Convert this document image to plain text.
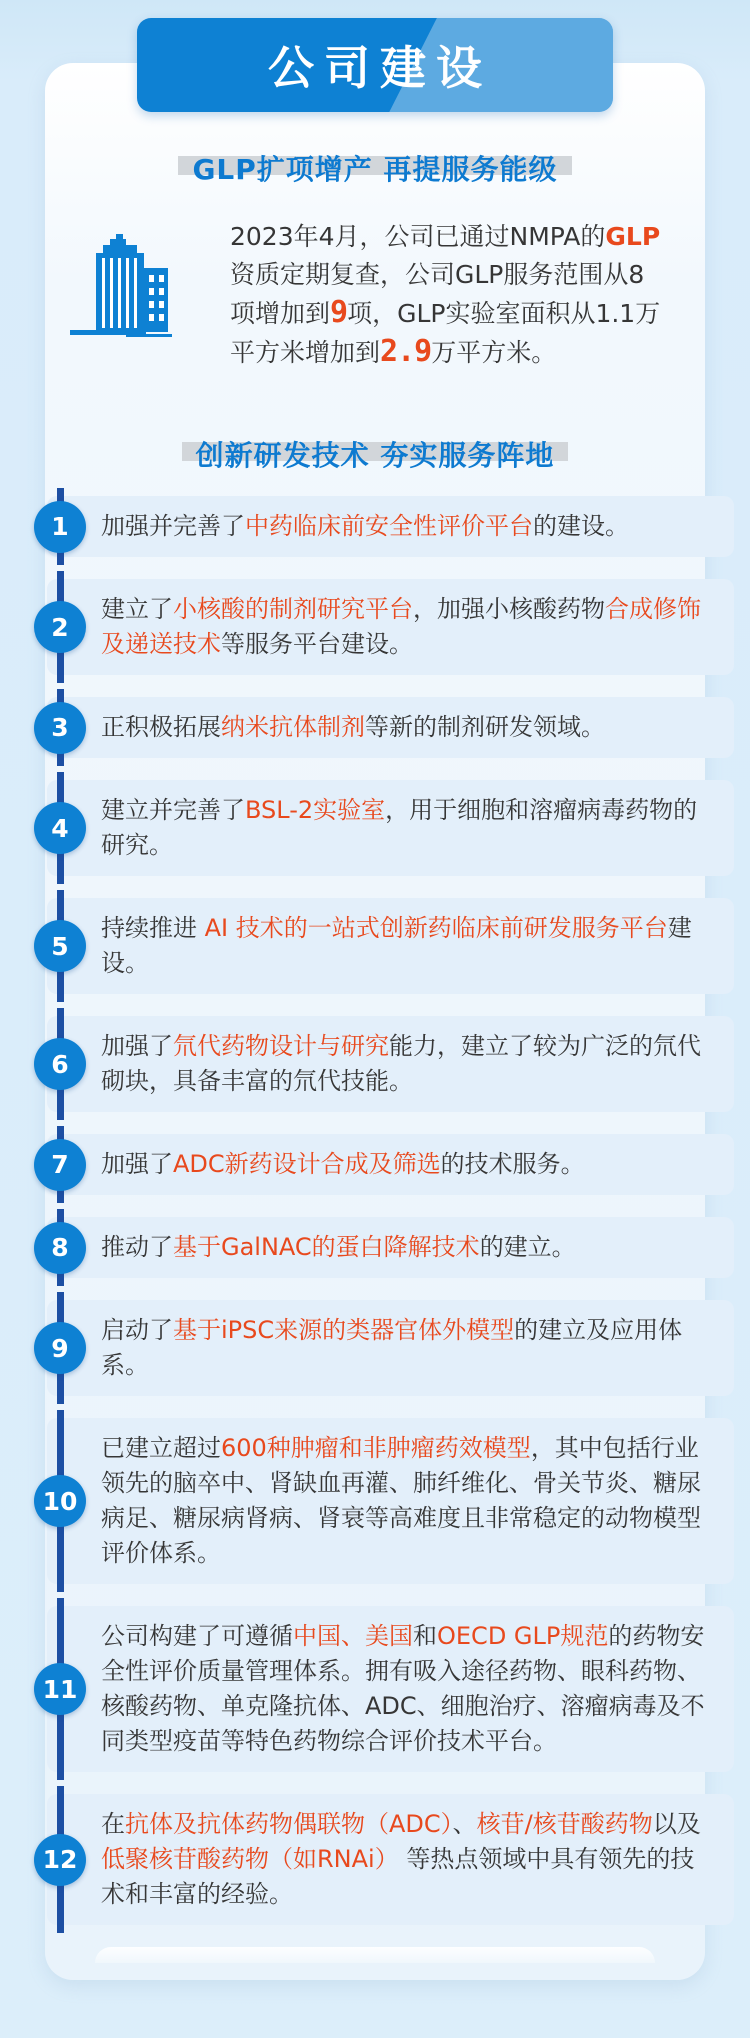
公司建设
GLP扩项增产 再提服务能级

2023年4月，公司已通过NMPA的GLP资质定期复查，公司GLP服务范围从8项增加到9项，GLP实验室面积从1.1万平方米增加到2.9万平方米。

创新研发技术 夯实服务阵地
1	加强并完善了中药临床前安全性评价平台的建设。
2
建立了小核酸的制剂研究平台，加强小核酸药物合成修饰及递送技术等服务平台建设。
3	正积极拓展纳米抗体制剂等新的制剂研发领域。
4
建立并完善了BSL-2实验室，用于细胞和溶瘤病毒药物的研究。
5
持续推进 AI 技术的一站式创新药临床前研发服务平台建设。
6
加强了氘代药物设计与研究能力，建立了较为广泛的氘代砌块，具备丰富的氘代技能。
7	加强了ADC新药设计合成及筛选的技术服务。
8	推动了基于GalNAC的蛋白降解技术的建立。
9
启动了基于iPSC来源的类器官体外模型的建立及应用体系。
10
已建立超过600种肿瘤和非肿瘤药效模型，其中包括行业领先的脑卒中、肾缺血再灌、肺纤维化、骨关节炎、糖尿病足、糖尿病肾病、肾衰等高难度且非常稳定的动物模型评价体系。
11
公司构建了可遵循中国、美国和OECD GLP规范的药物安全性评价质量管理体系。拥有吸入途径药物、眼科药物、核酸药物、单克隆抗体、ADC、细胞治疗、溶瘤病毒及不同类型疫苗等特色药物综合评价技术平台。
12
在抗体及抗体药物偶联物（ADC）、核苷/核苷酸药物以及低聚核苷酸药物（如RNAi） 等热点领域中具有领先的技术和丰富的经验。
